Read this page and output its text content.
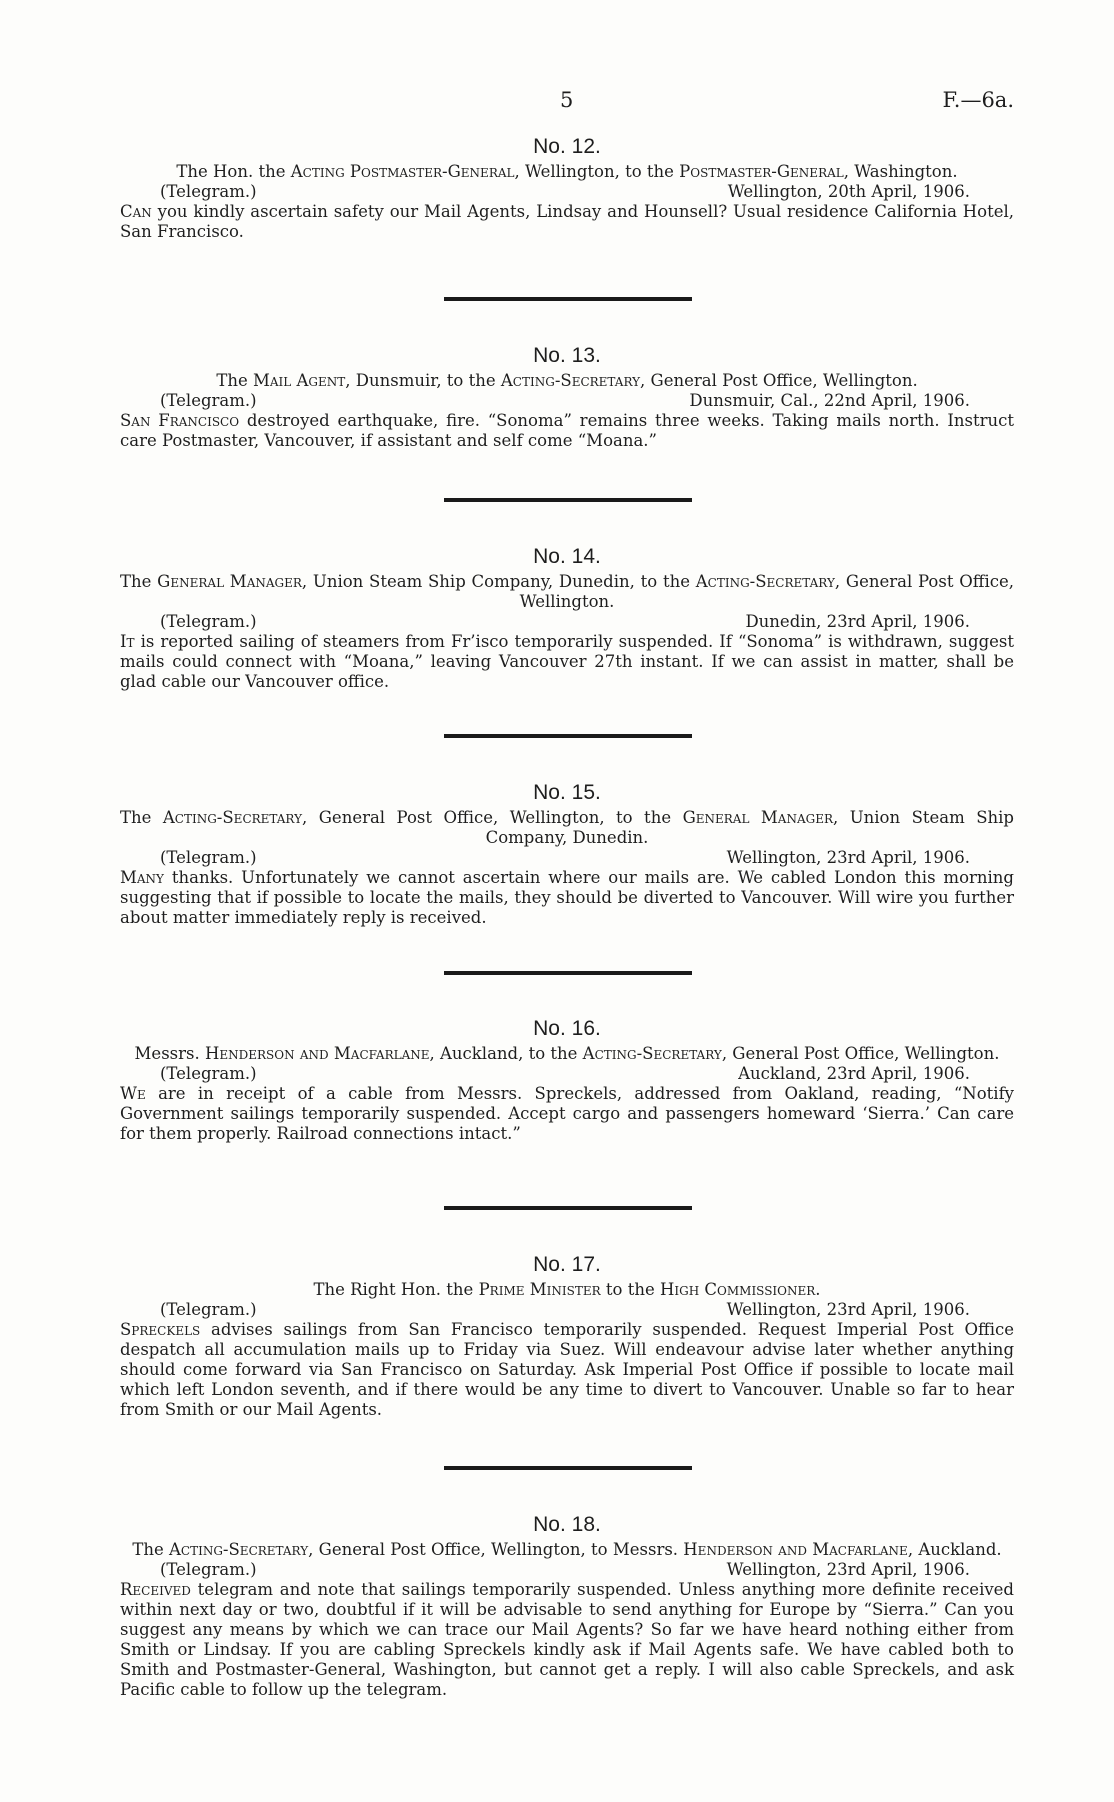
5	F.—6a.
No. 12.
The Hon. the Acting Postmaster-General, Wellington, to the Postmaster-General, Washington.
(Telegram.)	Wellington, 20th April, 1906.
Can you kindly ascertain safety our Mail Agents, Lindsay and Hounsell? Usual residence California Hotel, San Francisco.
No. 13.
The Mail Agent, Dunsmuir, to the Acting-Secretary, General Post Office, Wellington.
(Telegram.)	Dunsmuir, Cal., 22nd April, 1906.
San Francisco destroyed earthquake, fire. “Sonoma” remains three weeks. Taking mails north. Instruct care Postmaster, Vancouver, if assistant and self come “Moana.”
No. 14.
The General Manager, Union Steam Ship Company, Dunedin, to the Acting-Secretary, General Post Office, Wellington.
(Telegram.)	Dunedin, 23rd April, 1906.
It is reported sailing of steamers from Fr’isco temporarily suspended. If “Sonoma” is withdrawn, suggest mails could connect with “Moana,” leaving Vancouver 27th instant. If we can assist in matter, shall be glad cable our Vancouver office.
No. 15.
The Acting-Secretary, General Post Office, Wellington, to the General Manager, Union Steam Ship Company, Dunedin.
(Telegram.)	Wellington, 23rd April, 1906.
Many thanks. Unfortunately we cannot ascertain where our mails are. We cabled London this morning suggesting that if possible to locate the mails, they should be diverted to Vancouver. Will wire you further about matter immediately reply is received.
No. 16.
Messrs. Henderson and Macfarlane, Auckland, to the Acting-Secretary, General Post Office, Wellington.
(Telegram.)	Auckland, 23rd April, 1906.
We are in receipt of a cable from Messrs. Spreckels, addressed from Oakland, reading, “Notify Government sailings temporarily suspended. Accept cargo and passengers homeward ‘Sierra.’ Can care for them properly. Railroad connections intact.”
No. 17.
The Right Hon. the Prime Minister to the High Commissioner.
(Telegram.)	Wellington, 23rd April, 1906.
Spreckels advises sailings from San Francisco temporarily suspended. Request Imperial Post Office despatch all accumulation mails up to Friday via Suez. Will endeavour advise later whether anything should come forward via San Francisco on Saturday. Ask Imperial Post Office if possible to locate mail which left London seventh, and if there would be any time to divert to Vancouver. Unable so far to hear from Smith or our Mail Agents.
No. 18.
The Acting-Secretary, General Post Office, Wellington, to Messrs. Henderson and Macfarlane, Auckland.
(Telegram.)	Wellington, 23rd April, 1906.
Received telegram and note that sailings temporarily suspended. Unless anything more definite received within next day or two, doubtful if it will be advisable to send anything for Europe by “Sierra.” Can you suggest any means by which we can trace our Mail Agents? So far we have heard nothing either from Smith or Lindsay. If you are cabling Spreckels kindly ask if Mail Agents safe. We have cabled both to Smith and Postmaster-General, Washington, but cannot get a reply. I will also cable Spreckels, and ask Pacific cable to follow up the telegram.
